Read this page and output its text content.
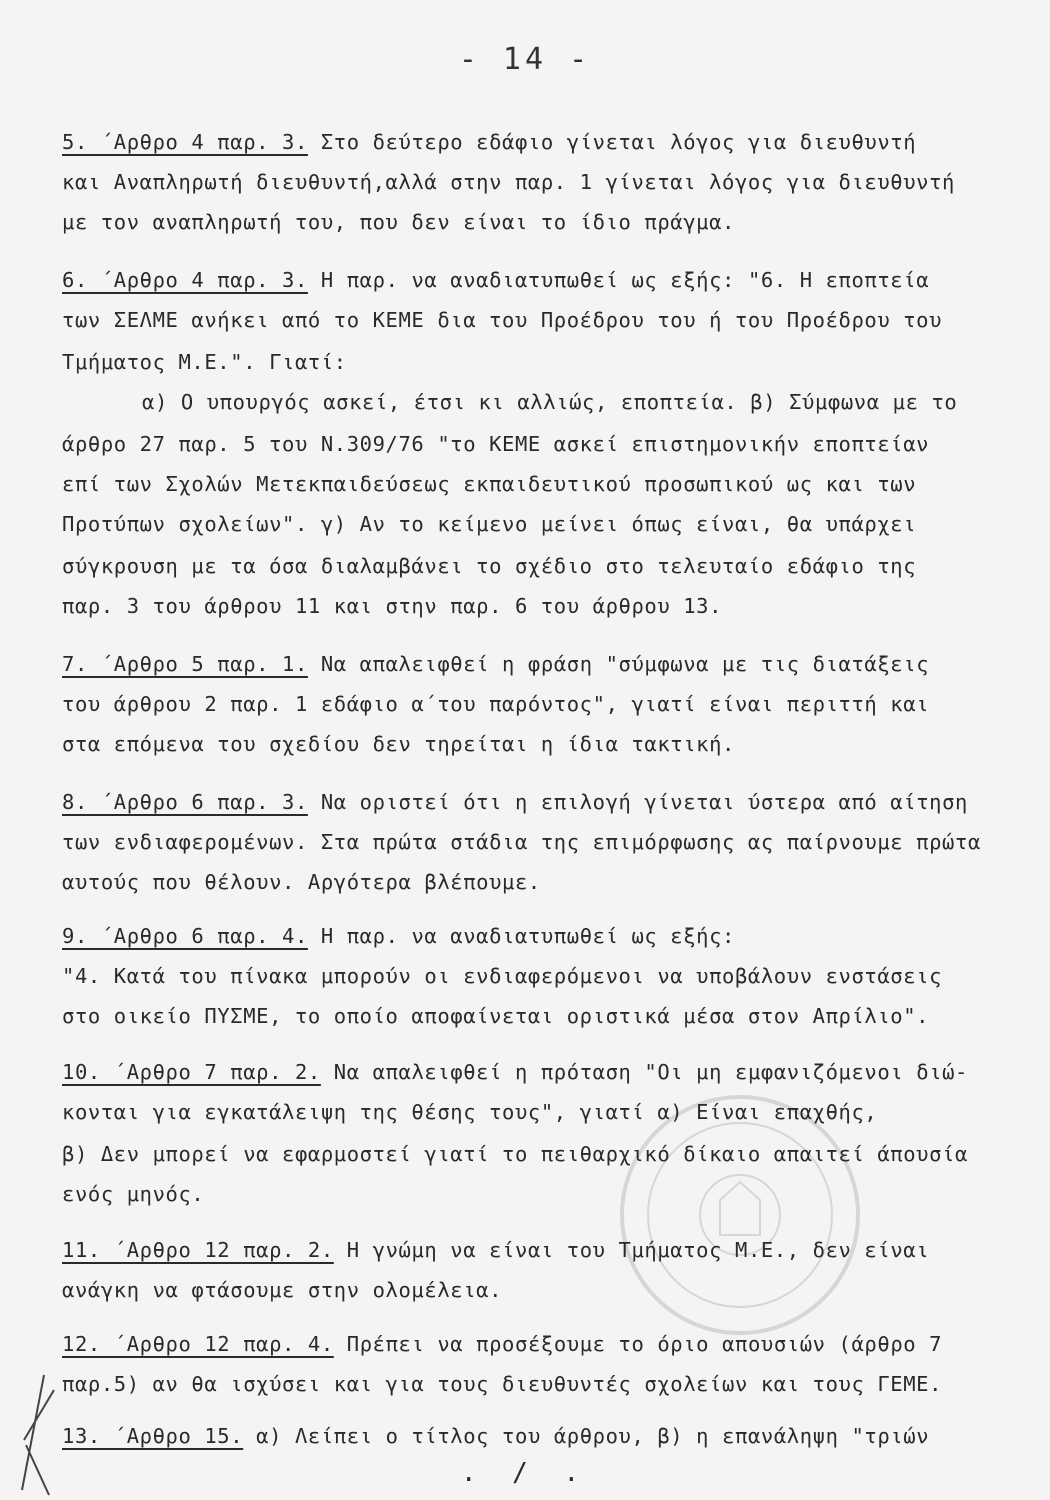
- 14 -
5. ΄Αρθρο 4 παρ. 3. Στο δεύτερο εδάφιο γίνεται λόγος για διευθυντή
και Αναπληρωτή διευθυντή,αλλά στην παρ. 1 γίνεται λόγος για διευθυντή
με τον αναπληρωτή του, που δεν είναι το ίδιο πράγμα.
6. ΄Αρθρο 4 παρ. 3. Η παρ. να αναδιατυπωθεί ως εξής: "6. Η εποπτεία
των ΣΕΛΜΕ ανήκει από το ΚΕΜΕ δια του Προέδρου του ή του Προέδρου του
Τμήματος Μ.Ε.". Γιατί:
α) Ο υπουργός ασκεί, έτσι κι αλλιώς, εποπτεία. β) Σύμφωνα με το
άρθρο 27 παρ. 5 του Ν.309/76 "το ΚΕΜΕ ασκεί επιστημονικήν εποπτείαν
επί των Σχολών Μετεκπαιδεύσεως εκπαιδευτικού προσωπικού ως και των
Προτύπων σχολείων". γ) Αν το κείμενο μείνει όπως είναι, θα υπάρχει
σύγκρουση με τα όσα διαλαμβάνει το σχέδιο στο τελευταίο εδάφιο της
παρ. 3 του άρθρου 11 και στην παρ. 6 του άρθρου 13.
7. ΄Αρθρο 5 παρ. 1. Να απαλειφθεί η φράση "σύμφωνα με τις διατάξεις
του άρθρου 2 παρ. 1 εδάφιο α΄του παρόντος", γιατί είναι περιττή και
στα επόμενα του σχεδίου δεν τηρείται η ίδια τακτική.
8. ΄Αρθρο 6 παρ. 3. Να οριστεί ότι η επιλογή γίνεται ύστερα από αίτηση
των ενδιαφερομένων. Στα πρώτα στάδια της επιμόρφωσης ας παίρνουμε πρώτα
αυτούς που θέλουν. Αργότερα βλέπουμε.
9. ΄Αρθρο 6 παρ. 4. Η παρ. να αναδιατυπωθεί ως εξής:
"4. Κατά του πίνακα μπορούν οι ενδιαφερόμενοι να υποβάλουν ενστάσεις
στο οικείο ΠΥΣΜΕ, το οποίο αποφαίνεται οριστικά μέσα στον Απρίλιο".
10. ΄Αρθρο 7 παρ. 2. Να απαλειφθεί η πρόταση "Οι μη εμφανιζόμενοι διώ-
κονται για εγκατάλειψη της θέσης τους", γιατί α) Είναι επαχθής,
β) Δεν μπορεί να εφαρμοστεί γιατί το πειθαρχικό δίκαιο απαιτεί άπουσία
ενός μηνός.
11. ΄Αρθρο 12 παρ. 2. Η γνώμη να είναι του Τμήματος Μ.Ε., δεν είναι
ανάγκη να φτάσουμε στην ολομέλεια.
12. ΄Αρθρο 12 παρ. 4. Πρέπει να προσέξουμε το όριο απουσιών (άρθρο 7
παρ.5) αν θα ισχύσει και για τους διευθυντές σχολείων και τους ΓΕΜΕ.
13. ΄Αρθρο 15. α) Λείπει ο τίτλος του άρθρου, β) η επανάληψη "τριών
. / .
